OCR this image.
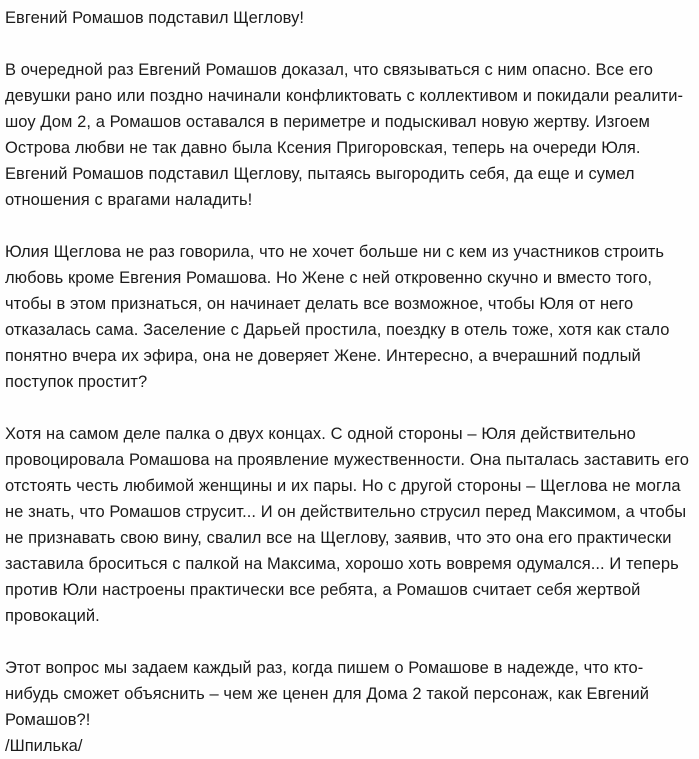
Евгений Ромашов подставил Щеглову!

В очередной раз Евгений Ромашов доказал, что связываться с ним опасно. Все его девушки рано или поздно начинали конфликтовать с коллективом и покидали реалити-шоу Дом 2, а Ромашов оставался в периметре и подыскивал новую жертву. Изгоем Острова любви не так давно была Ксения Пригоровская, теперь на очереди Юля. Евгений Ромашов подставил Щеглову, пытаясь выгородить себя, да еще и сумел отношения с врагами наладить!

Юлия Щеглова не раз говорила, что не хочет больше ни с кем из участников строить любовь кроме Евгения Ромашова. Но Жене с ней откровенно скучно и вместо того, чтобы в этом признаться, он начинает делать все возможное, чтобы Юля от него отказалась сама. Заселение с Дарьей простила, поездку в отель тоже, хотя как стало понятно вчера их эфира, она не доверяет Жене. Интересно, а вчерашний подлый поступок простит?

Хотя на самом деле палка о двух концах. С одной стороны – Юля действительно провоцировала Ромашова на проявление мужественности. Она пыталась заставить его отстоять честь любимой женщины и их пары. Но с другой стороны – Щеглова не могла не знать, что Ромашов струсит... И он действительно струсил перед Максимом, а чтобы не признавать свою вину, свалил все на Щеглову, заявив, что это она его практически заставила броситься с палкой на Максима, хорошо хоть вовремя одумался... И теперь против Юли настроены практически все ребята, а Ромашов считает себя жертвой провокаций.

Этот вопрос мы задаем каждый раз, когда пишем о Ромашове в надежде, что кто-нибудь сможет объяснить – чем же ценен для Дома 2 такой персонаж, как Евгений Ромашов?!

/Шпилька/
